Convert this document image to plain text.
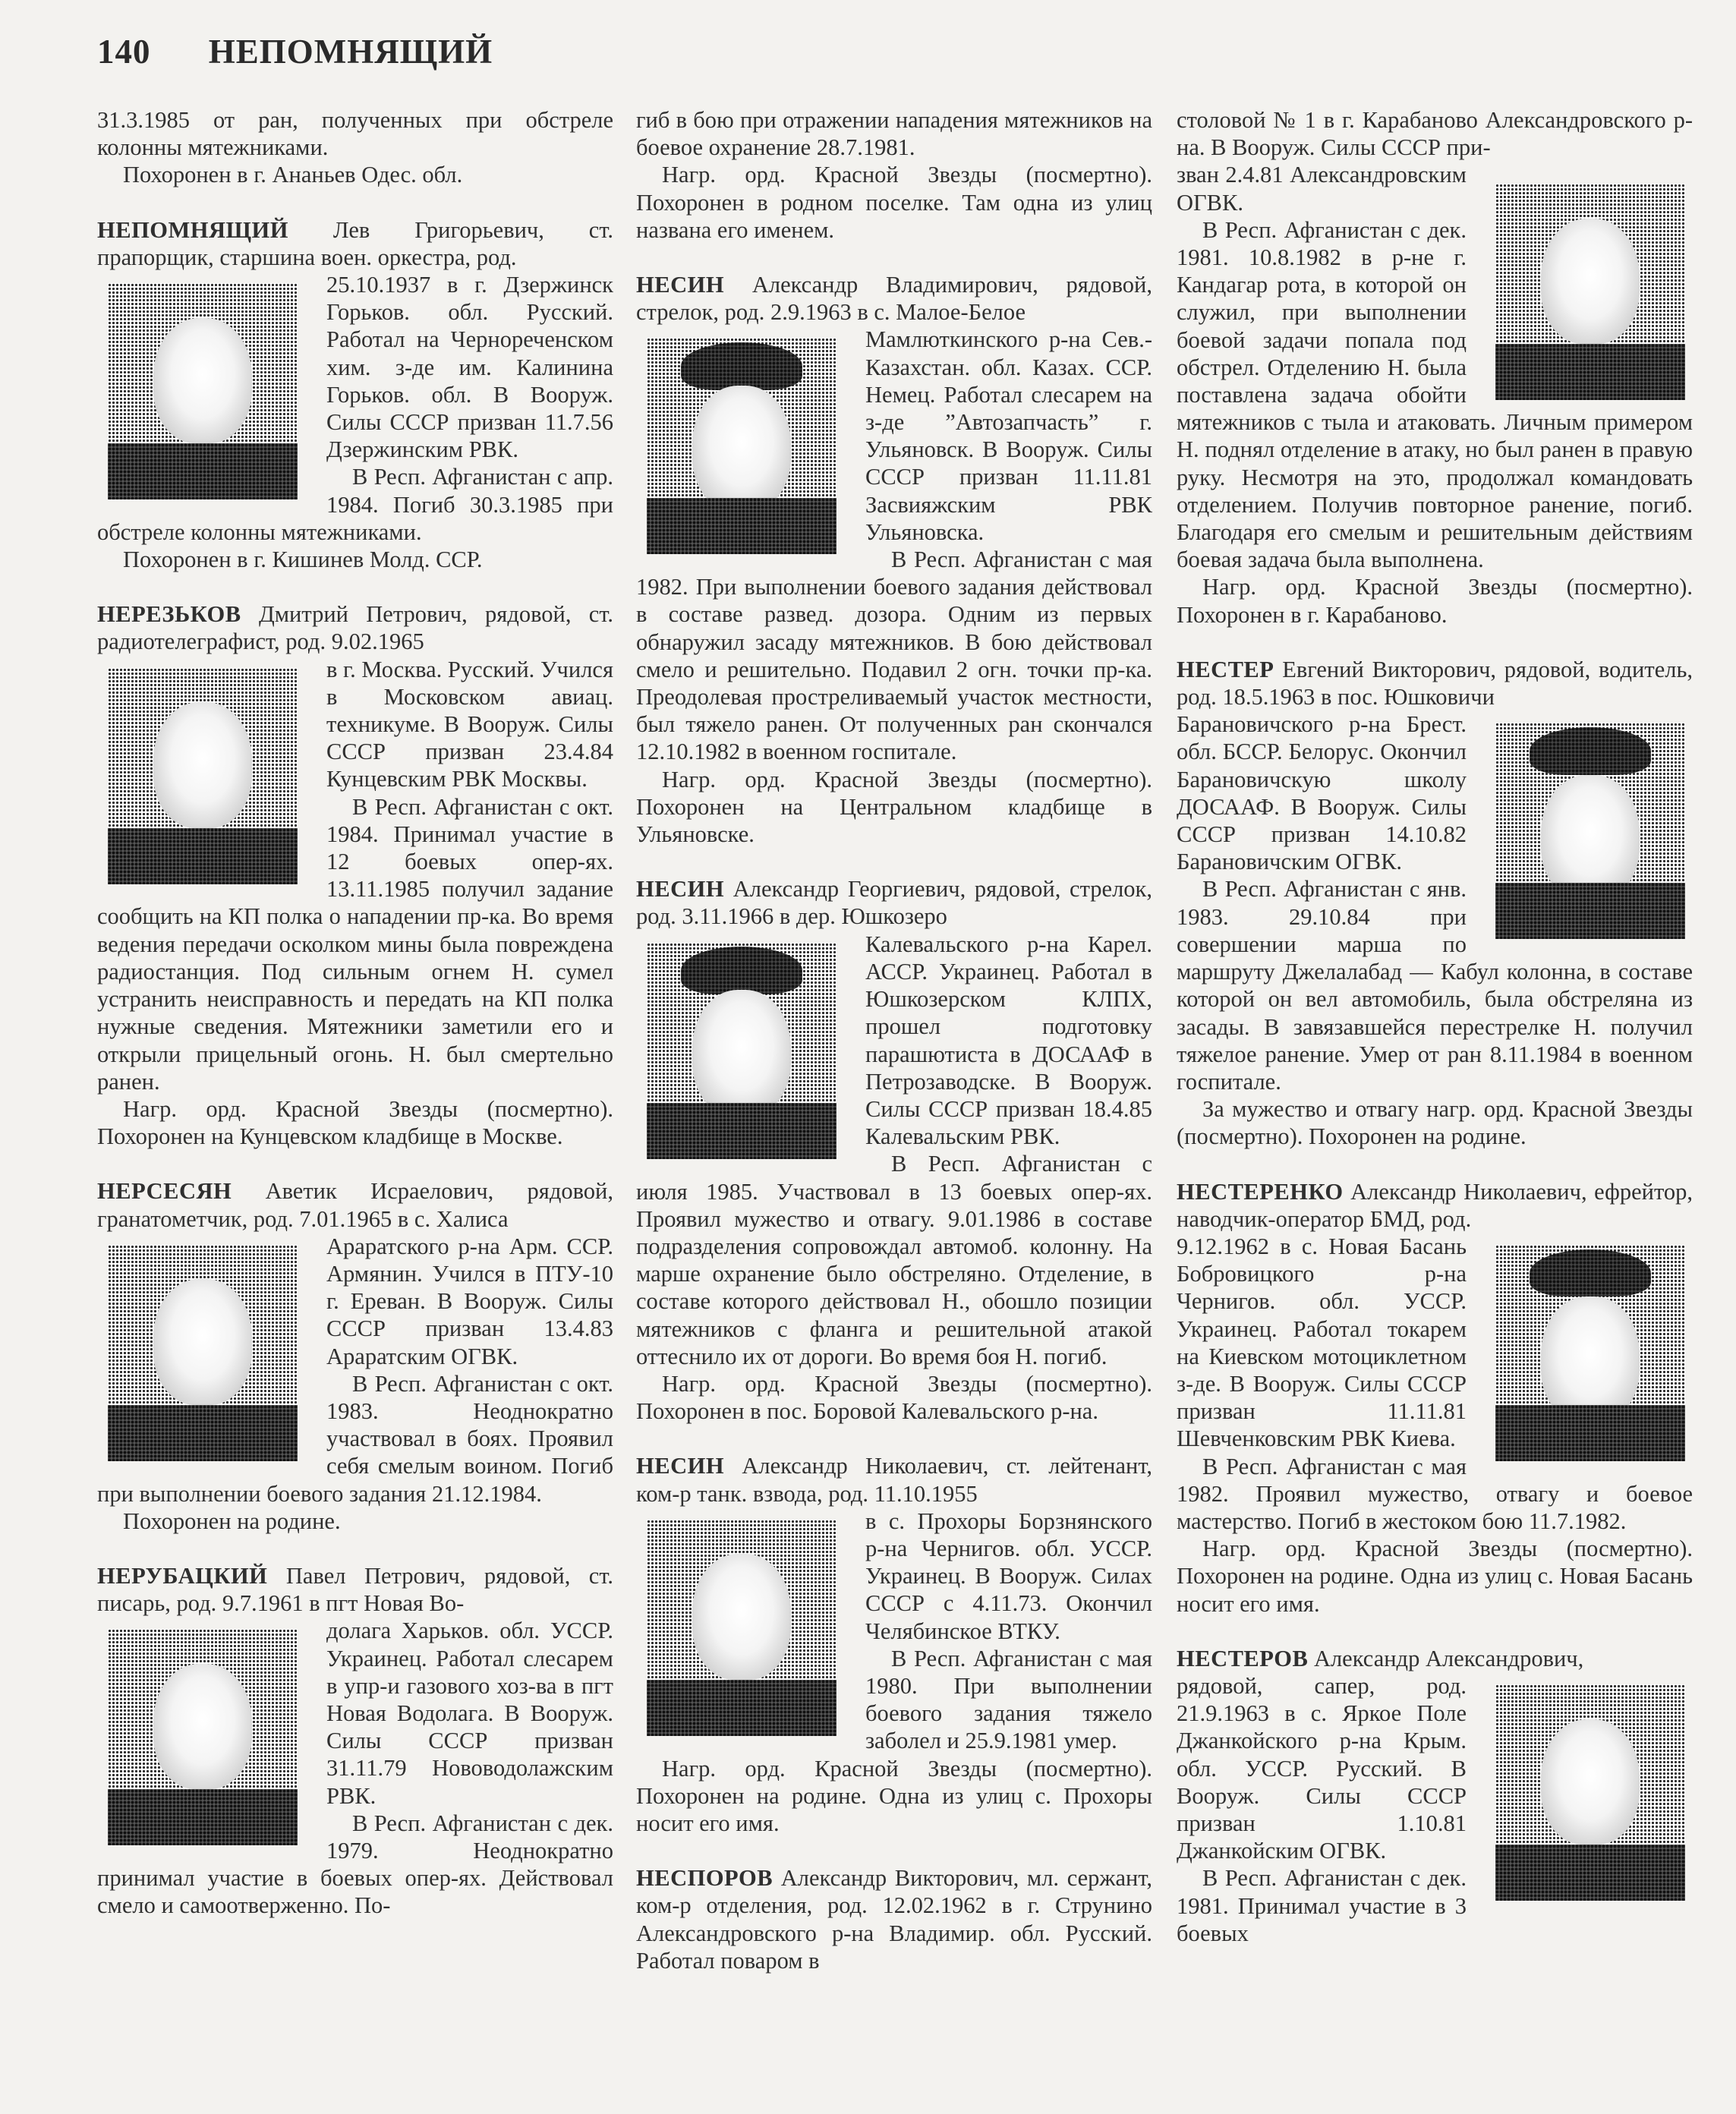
140 НЕПОМНЯЩИЙ

31.3.1985 от ран, полученных при обстреле колонны мятежниками.

Похоронен в г. Ананьев Одес. обл.

НЕПОМНЯЩИЙ Лев Григорьевич, ст. прапорщик, старшина воен. оркестра, род.

25.10.1937 в г. Дзержинск Горьков. обл. Русский. Работал на Чернореченском хим. з-де им. Калинина Горьков. обл. В Вооруж. Силы СССР призван 11.7.56 Дзержинским РВК.

В Респ. Афганистан с апр. 1984. Погиб 30.3.1985 при обстреле колонны мятежниками.

Похоронен в г. Кишинев Молд. ССР.

НЕРЕЗЬКОВ Дмитрий Петрович, рядовой, ст. радиотелеграфист, род. 9.02.1965

в г. Москва. Русский. Учился в Московском авиац. техникуме. В Вооруж. Силы СССР призван 23.4.84 Кунцевским РВК Москвы.

В Респ. Афганистан с окт. 1984. Принимал участие в 12 боевых опер-ях. 13.11.1985 получил задание сообщить на КП полка о нападении пр-ка. Во время ведения передачи осколком мины была повреждена радиостанция. Под сильным огнем Н. сумел устранить неисправность и передать на КП полка нужные сведения. Мятежники заметили его и открыли прицельный огонь. Н. был смертельно ранен.

Нагр. орд. Красной Звезды (посмертно). Похоронен на Кунцевском кладбище в Москве.

НЕРСЕСЯН Аветик Исраелович, рядовой, гранатометчик, род. 7.01.1965 в с. Халиса

Араратского р-на Арм. ССР. Армянин. Учился в ПТУ-10 г. Ереван. В Вооруж. Силы СССР призван 13.4.83 Араратским ОГВК.

В Респ. Афганистан с окт. 1983. Неоднократно участвовал в боях. Проявил себя смелым воином. Погиб при выполнении боевого задания 21.12.1984.

Похоронен на родине.

НЕРУБАЦКИЙ Павел Петрович, рядовой, ст. писарь, род. 9.7.1961 в пгт Новая Во-

долага Харьков. обл. УССР. Украинец. Работал слесарем в упр-и газового хоз-ва в пгт Новая Водолага. В Вооруж. Силы СССР призван 31.11.79 Нововодолажским РВК.

В Респ. Афганистан с дек. 1979. Неоднократно принимал участие в боевых опер-ях. Действовал смело и самоотверженно. По-

гиб в бою при отражении нападения мятежников на боевое охранение 28.7.1981.

Нагр. орд. Красной Звезды (посмертно). Похоронен в родном поселке. Там одна из улиц названа его именем.

НЕСИН Александр Владимирович, рядовой, стрелок, род. 2.9.1963 в с. Малое-Белое

Мамлюткинского р-на Сев.-Казахстан. обл. Казах. ССР. Немец. Работал слесарем на з-де ”Автозапчасть” г. Ульяновск. В Вооруж. Силы СССР призван 11.11.81 Засвияжским РВК Ульяновска.

В Респ. Афганистан с мая 1982. При выполнении боевого задания действовал в составе развед. дозора. Одним из первых обнаружил засаду мятежников. В бою действовал смело и решительно. Подавил 2 огн. точки пр-ка. Преодолевая простреливаемый участок местности, был тяжело ранен. От полученных ран скончался 12.10.1982 в военном госпитале.

Нагр. орд. Красной Звезды (посмертно). Похоронен на Центральном кладбище в Ульяновске.

НЕСИН Александр Георгиевич, рядовой, стрелок, род. 3.11.1966 в дер. Юшкозеро

Калевальского р-на Карел. АССР. Украинец. Работал в Юшкозерском КЛПХ, прошел подготовку парашютиста в ДОСААФ в Петрозаводске. В Вооруж. Силы СССР призван 18.4.85 Калевальским РВК.

В Респ. Афганистан с июля 1985. Участвовал в 13 боевых опер-ях. Проявил мужество и отвагу. 9.01.1986 в составе подразделения сопровождал автомоб. колонну. На марше охранение было обстреляно. Отделение, в составе которого действовал Н., обошло позиции мятежников с фланга и решительной атакой оттеснило их от дороги. Во время боя Н. погиб.

Нагр. орд. Красной Звезды (посмертно). Похоронен в пос. Боровой Калевальского р-на.

НЕСИН Александр Николаевич, ст. лейтенант, ком-р танк. взвода, род. 11.10.1955

в с. Прохоры Борзнянского р-на Чернигов. обл. УССР. Украинец. В Вооруж. Силах СССР с 4.11.73. Окончил Челябинское ВТКУ.

В Респ. Афганистан с мая 1980. При выполнении боевого задания тяжело заболел и 25.9.1981 умер.

Нагр. орд. Красной Звезды (посмертно). Похоронен на родине. Одна из улиц с. Прохоры носит его имя.

НЕСПОРОВ Александр Викторович, мл. сержант, ком-р отделения, род. 12.02.1962 в г. Струнино Александровского р-на Владимир. обл. Русский. Работал поваром в

столовой № 1 в г. Карабаново Александровского р-на. В Вооруж. Силы СССР при-

зван 2.4.81 Александровским ОГВК.

В Респ. Афганистан с дек. 1981. 10.8.1982 в р-не г. Кандагар рота, в которой он служил, при выполнении боевой задачи попала под обстрел. Отделению Н. была поставлена задача обойти мятежников с тыла и атаковать. Личным примером Н. поднял отделение в атаку, но был ранен в правую руку. Несмотря на это, продолжал командовать отделением. Получив повторное ранение, погиб. Благодаря его смелым и решительным действиям боевая задача была выполнена.

Нагр. орд. Красной Звезды (посмертно). Похоронен в г. Карабаново.

НЕСТЕР Евгений Викторович, рядовой, водитель, род. 18.5.1963 в пос. Юшковичи

Барановичского р-на Брест. обл. БССР. Белорус. Окончил Барановичскую школу ДОСААФ. В Вооруж. Силы СССР призван 14.10.82 Барановичским ОГВК.

В Респ. Афганистан с янв. 1983. 29.10.84 при совершении марша по маршруту Джелалабад — Кабул колонна, в составе которой он вел автомобиль, была обстреляна из засады. В завязавшейся перестрелке Н. получил тяжелое ранение. Умер от ран 8.11.1984 в военном госпитале.

За мужество и отвагу нагр. орд. Красной Звезды (посмертно). Похоронен на родине.

НЕСТЕРЕНКО Александр Николаевич, ефрейтор, наводчик-оператор БМД, род.

9.12.1962 в с. Новая Басань Бобровицкого р-на Чернигов. обл. УССР. Украинец. Работал токарем на Киевском мотоциклетном з-де. В Вооруж. Силы СССР призван 11.11.81 Шевченковским РВК Киева.

В Респ. Афганистан с мая 1982. Проявил мужество, отвагу и боевое мастерство. Погиб в жестоком бою 11.7.1982.

Нагр. орд. Красной Звезды (посмертно). Похоронен на родине. Одна из улиц с. Новая Басань носит его имя.

НЕСТЕРОВ Александр Александрович,

рядовой, сапер, род. 21.9.1963 в с. Яркое Поле Джанкойского р-на Крым. обл. УССР. Русский. В Вооруж. Силы СССР призван 1.10.81 Джанкойским ОГВК.

В Респ. Афганистан с дек. 1981. Принимал участие в 3 боевых
